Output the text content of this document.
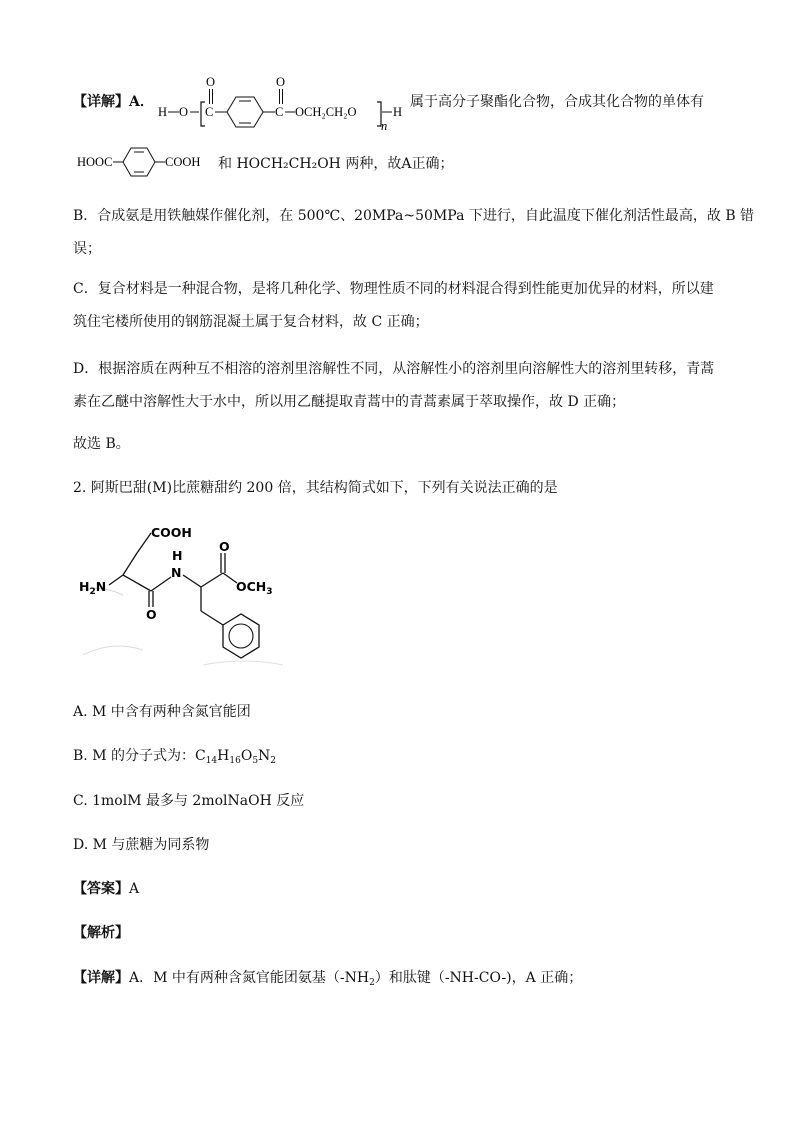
【详解】A．
H O C
O
C
O
OCH₂CH₂O
n
H
属于高分子聚酯化合物，合成其化合物的单体有
HOOC	COOH 和 HOCH₂CH₂OH 两种，故A正确；
B．合成氨是用铁触媒作催化剂，在 500℃、20MPa~50MPa 下进行，自此温度下催化剂活性最高，故 B 错
误；
C．复合材料是一种混合物，是将几种化学、物理性质不同的材料混合得到性能更加优异的材料，所以建
筑住宅楼所使用的钢筋混凝土属于复合材料，故 C 正确；
D．根据溶质在两种互不相溶的溶剂里溶解性不同，从溶解性小的溶剂里向溶解性大的溶剂里转移，青蒿
素在乙醚中溶解性大于水中，所以用乙醚提取青蒿中的青蒿素属于萃取操作，故 D 正确；
故选 B。
2. 阿斯巴甜(M)比蔗糖甜约 200 倍，其结构简式如下，下列有关说法正确的是
COOH
$H_2N$
O
H
N
O
$OCH_3$
A. M 中含有两种含氮官能团
B. M 的分子式为：$C_{14}H_{16}O_5N_2$
C. 1molM 最多与 2molNaOH 反应
D. M 与蔗糖为同系物
【答案】A
【解析】
【详解】A．M 中有两种含氮官能团氨基$(-NH_2)$和肽键（-NH-CO-)，A 正确；
